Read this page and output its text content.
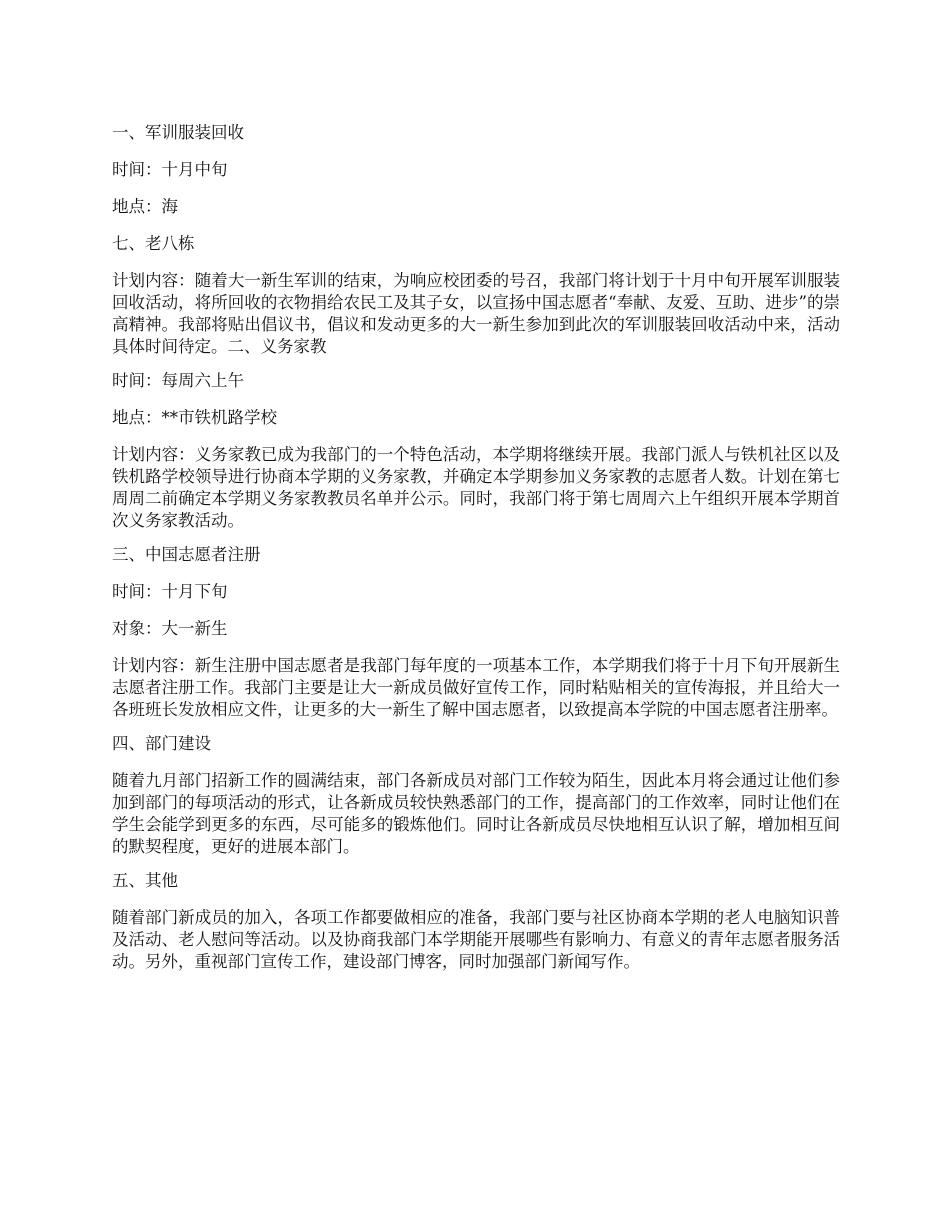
一、军训服装回收

时间：十月中旬

地点：海

七、老八栋

计划内容：随着大一新生军训的结束，为响应校团委的号召，我部门将计划于十月中旬开展军训服装回收活动，将所回收的衣物捐给农民工及其子女，以宣扬中国志愿者“奉献、友爱、互助、进步”的崇高精神。我部将贴出倡议书，倡议和发动更多的大一新生参加到此次的军训服装回收活动中来，活动具体时间待定。二、义务家教

时间：每周六上午

地点：**市铁机路学校

计划内容：义务家教已成为我部门的一个特色活动，本学期将继续开展。我部门派人与铁机社区以及铁机路学校领导进行协商本学期的义务家教，并确定本学期参加义务家教的志愿者人数。计划在第七周周二前确定本学期义务家教教员名单并公示。同时，我部门将于第七周周六上午组织开展本学期首次义务家教活动。

三、中国志愿者注册

时间：十月下旬

对象：大一新生

计划内容：新生注册中国志愿者是我部门每年度的一项基本工作，本学期我们将于十月下旬开展新生志愿者注册工作。我部门主要是让大一新成员做好宣传工作，同时粘贴相关的宣传海报，并且给大一各班班长发放相应文件，让更多的大一新生了解中国志愿者，以致提高本学院的中国志愿者注册率。

四、部门建设

随着九月部门招新工作的圆满结束，部门各新成员对部门工作较为陌生，因此本月将会通过让他们参加到部门的每项活动的形式，让各新成员较快熟悉部门的工作，提高部门的工作效率，同时让他们在学生会能学到更多的东西，尽可能多的锻炼他们。同时让各新成员尽快地相互认识了解，增加相互间的默契程度，更好的进展本部门。

五、其他

随着部门新成员的加入，各项工作都要做相应的准备，我部门要与社区协商本学期的老人电脑知识普及活动、老人慰问等活动。以及协商我部门本学期能开展哪些有影响力、有意义的青年志愿者服务活动。另外，重视部门宣传工作，建设部门博客，同时加强部门新闻写作。
